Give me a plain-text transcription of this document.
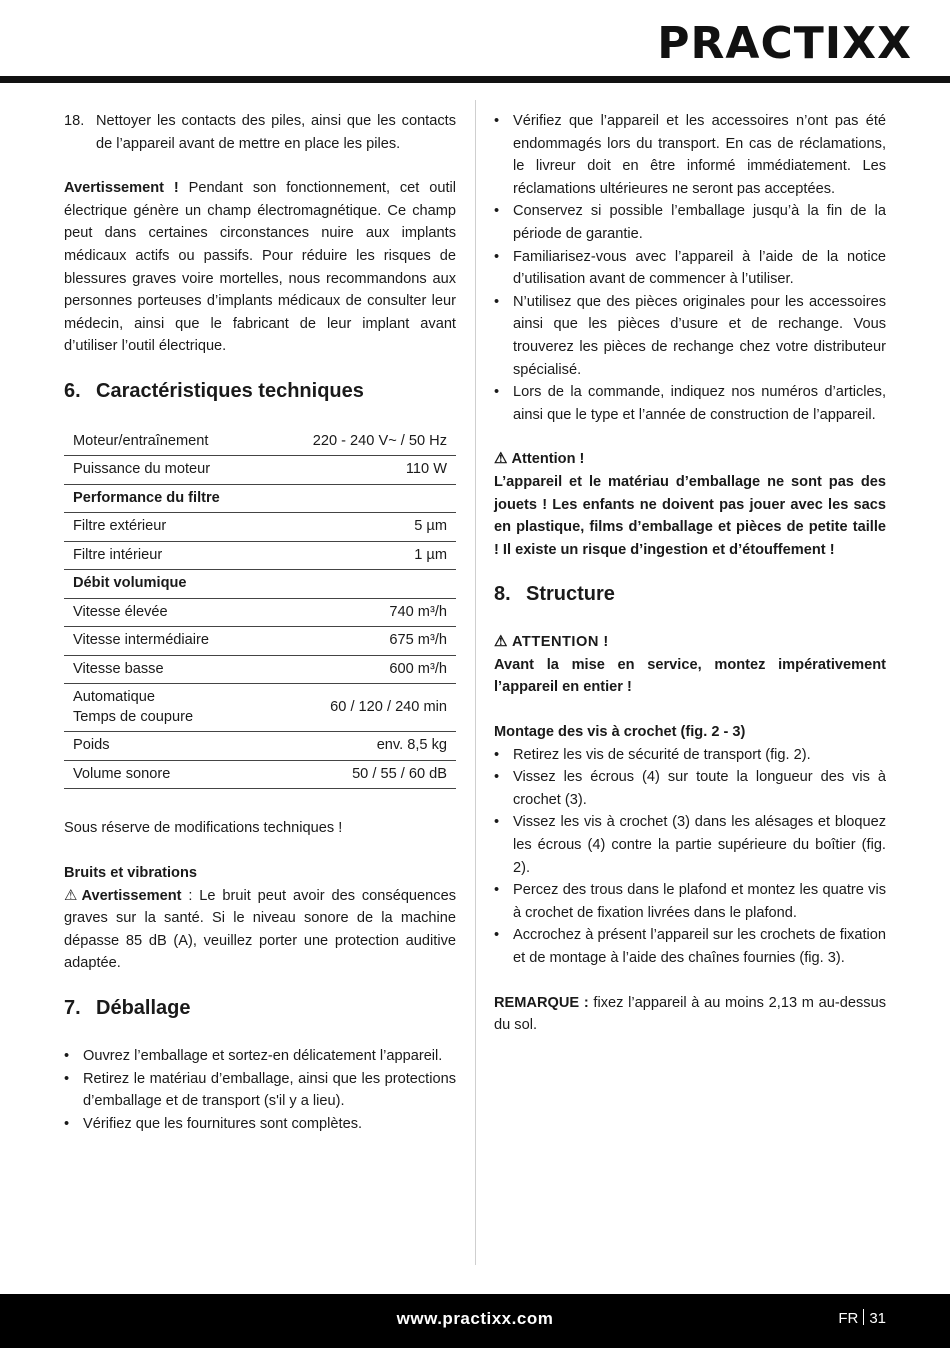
PRACTIXX
18. Nettoyer les contacts des piles, ainsi que les contacts de l’appareil avant de mettre en place les piles.

Avertissement ! Pendant son fonctionnement, cet outil électrique génère un champ électromagnétique. Ce champ peut dans certaines circonstances nuire aux implants médicaux actifs ou passifs. Pour réduire les risques de blessures graves voire mortelles, nous recommandons aux personnes porteuses d’implants médicaux de consulter leur médecin, ainsi que le fabricant de leur implant avant d’utiliser l’outil électrique.

6. Caractéristiques techniques
Moteur/entraînement	220 - 240 V~ / 50 Hz
Puissance du moteur	110 W
Performance du filtre	
Filtre extérieur	5 µm
Filtre intérieur	1 µm
Débit volumique	
Vitesse élevée	740 m³/h
Vitesse intermédiaire	675 m³/h
Vitesse basse	600 m³/h
Automatique
Temps de coupure	60 / 120 / 240 min
Poids	env. 8,5 kg
Volume sonore	50 / 55 / 60 dB

Sous réserve de modifications techniques !

Bruits et vibrations

⚠ Avertissement : Le bruit peut avoir des conséquences graves sur la santé. Si le niveau sonore de la machine dépasse 85 dB (A), veuillez porter une protection auditive adaptée.

7. Déballage
• Ouvrez l’emballage et sortez-en délicatement l’appareil.
• Retirez le matériau d’emballage, ainsi que les protections d’emballage et de transport (s'il y a lieu).
• Vérifiez que les fournitures sont complètes.
• Vérifiez que l’appareil et les accessoires n’ont pas été endommagés lors du transport. En cas de réclamations, le livreur doit en être informé immédiatement. Les réclamations ultérieures ne seront pas acceptées.
• Conservez si possible l’emballage jusqu’à la fin de la période de garantie.
• Familiarisez-vous avec l’appareil à l’aide de la notice d’utilisation avant de commencer à l’utiliser.
• N’utilisez que des pièces originales pour les accessoires ainsi que les pièces d’usure et de rechange. Vous trouverez les pièces de rechange chez votre distributeur spécialisé.
• Lors de la commande, indiquez nos numéros d’articles, ainsi que le type et l’année de construction de l’appareil.

⚠ Attention !

L’appareil et le matériau d’emballage ne sont pas des jouets ! Les enfants ne doivent pas jouer avec les sacs en plastique, films d’emballage et pièces de petite taille ! Il existe un risque d’ingestion et d’étouffement !

8. Structure

⚠ ATTENTION !

Avant la mise en service, montez impérativement l’appareil en entier !

Montage des vis à crochet (fig. 2 - 3)

• Retirez les vis de sécurité de transport (fig. 2).
• Vissez les écrous (4) sur toute la longueur des vis à crochet (3).
• Vissez les vis à crochet (3) dans les alésages et bloquez les écrous (4) contre la partie supérieure du boîtier (fig. 2).
• Percez des trous dans le plafond et montez les quatre vis à crochet de fixation livrées dans le plafond.
• Accrochez à présent l’appareil sur les crochets de fixation et de montage à l’aide des chaînes fournies (fig. 3).

REMARQUE : fixez l’appareil à au moins 2,13 m au-dessus du sol.

www.practixx.com	FR 31
